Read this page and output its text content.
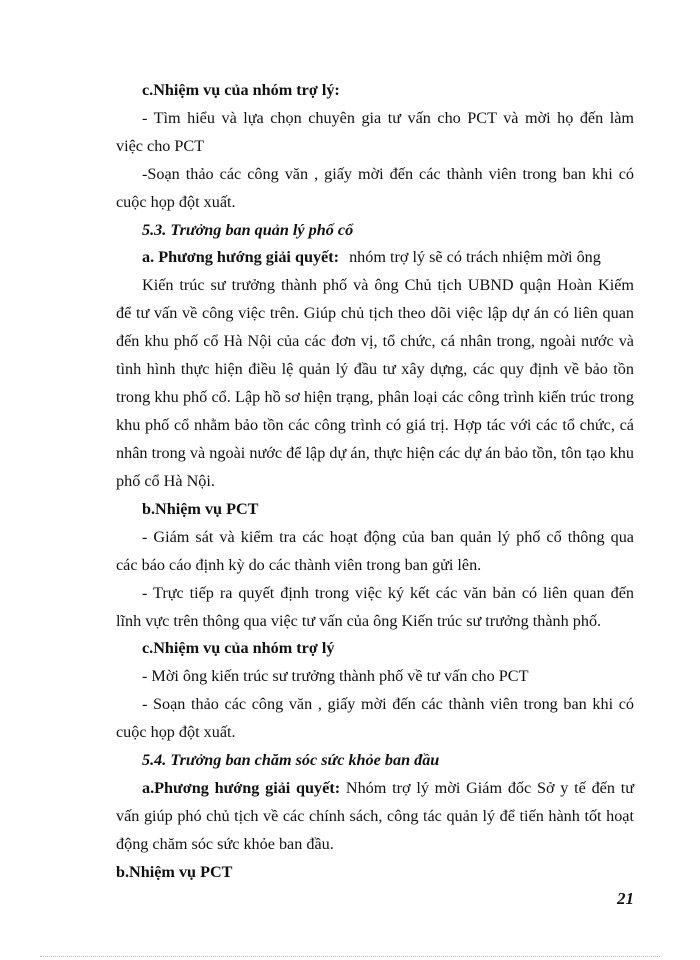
c.Nhiệm vụ của nhóm trợ lý:
- Tìm hiểu và lựa chọn chuyên gia tư vấn cho PCT và mời họ đến làm
việc cho PCT
-Soạn thảo các công văn , giấy mời đến các thành viên trong ban khi có
cuộc họp đột xuất.
5.3. Trưởng ban quản lý phố cổ
a. Phương hướng giải quyết: nhóm trợ lý sẽ có trách nhiệm mời ông
Kiến trúc sư trưởng thành phố và ông Chủ tịch UBND quận Hoàn Kiếm
để tư vấn về công việc trên. Giúp chủ tịch theo dõi việc lập dự án có liên quan
đến khu phố cổ Hà Nội của các đơn vị, tổ chức, cá nhân trong, ngoài nước và
tình hình thực hiện điều lệ quản lý đầu tư xây dựng, các quy định về bảo tồn
trong khu phố cổ. Lập hồ sơ hiện trạng, phân loại các công trình kiến trúc trong
khu phố cổ nhằm bảo tồn các công trình có giá trị. Hợp tác với các tổ chức, cá
nhân trong và ngoài nước để lập dự án, thực hiện các dự án bảo tồn, tôn tạo khu
phố cổ Hà Nội.
b.Nhiệm vụ PCT
- Giám sát và kiểm tra các hoạt động của ban quản lý phố cổ thông qua
các báo cáo định kỳ do các thành viên trong ban gửi lên.
- Trực tiếp ra quyết định trong việc ký kết các văn bản có liên quan đến
lĩnh vực trên thông qua việc tư vấn của ông Kiến trúc sư trưởng thành phố.
c.Nhiệm vụ của nhóm trợ lý
- Mời ông kiến trúc sư trưởng thành phố về tư vấn cho PCT
- Soạn thảo các công văn , giấy mời đến các thành viên trong ban khi có
cuộc họp đột xuất.
5.4. Trưởng ban chăm sóc sức khỏe ban đầu
a.Phương hướng giải quyết: Nhóm trợ lý mời Giám đốc Sở y tế đến tư
vấn giúp phó chủ tịch về các chính sách, công tác quản lý để tiến hành tốt hoạt
động chăm sóc sức khỏe ban đầu.
b.Nhiệm vụ PCT
21
